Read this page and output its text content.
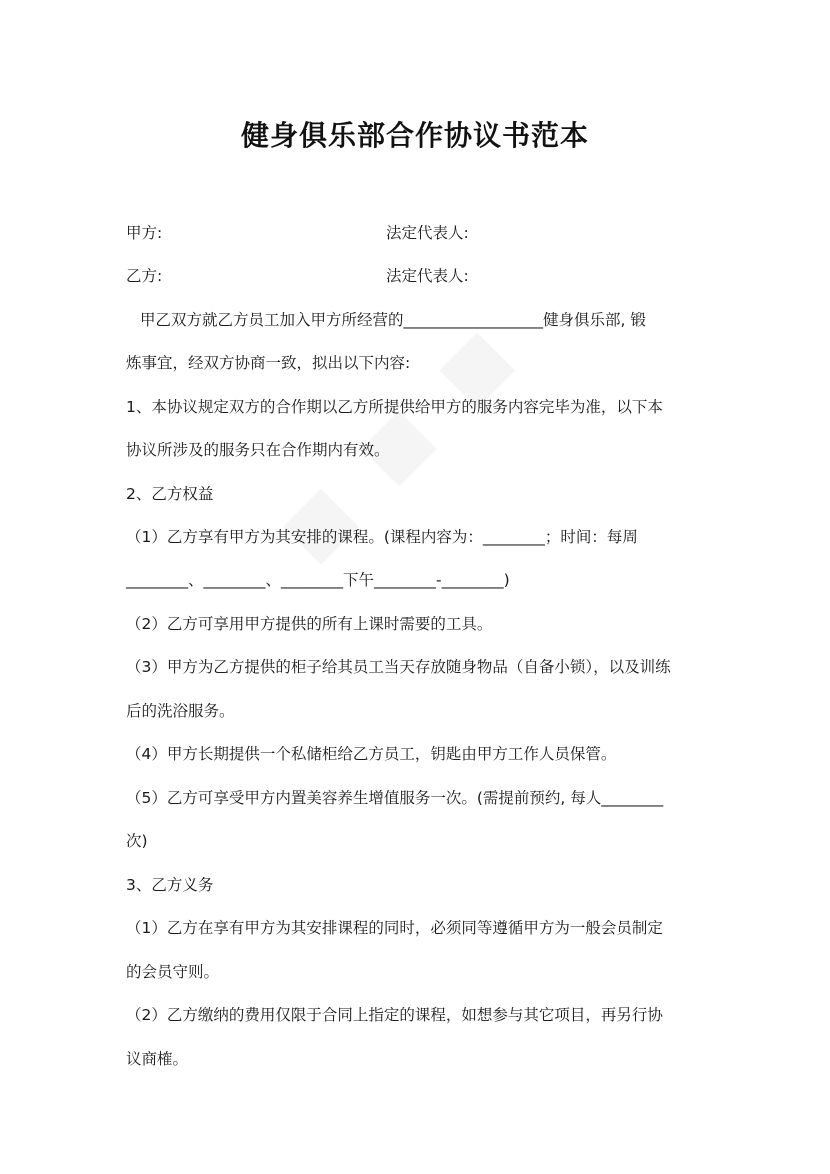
健身俱乐部合作协议书范本
甲方:	法定代表人:
乙方:	法定代表人:
甲乙双方就乙方员工加入甲方所经营的__________________健身俱乐部, 锻
炼事宜，经双方协商一致，拟出以下内容:
1、本协议规定双方的合作期以乙方所提供给甲方的服务内容完毕为准，以下本
协议所涉及的服务只在合作期内有效。
2、乙方权益
（1）乙方享有甲方为其安排的课程。(课程内容为：________；时间：每周
________、________、________下午________-________)
（2）乙方可享用甲方提供的所有上课时需要的工具。
（3）甲方为乙方提供的柜子给其员工当天存放随身物品（自备小锁），以及训练
后的洗浴服务。
（4）甲方长期提供一个私储柜给乙方员工，钥匙由甲方工作人员保管。
（5）乙方可享受甲方内置美容养生增值服务一次。(需提前预约, 每人________
次)
3、乙方义务
（1）乙方在享有甲方为其安排课程的同时，必须同等遵循甲方为一般会员制定
的会员守则。
（2）乙方缴纳的费用仅限于合同上指定的课程，如想参与其它项目，再另行协
议商榷。
